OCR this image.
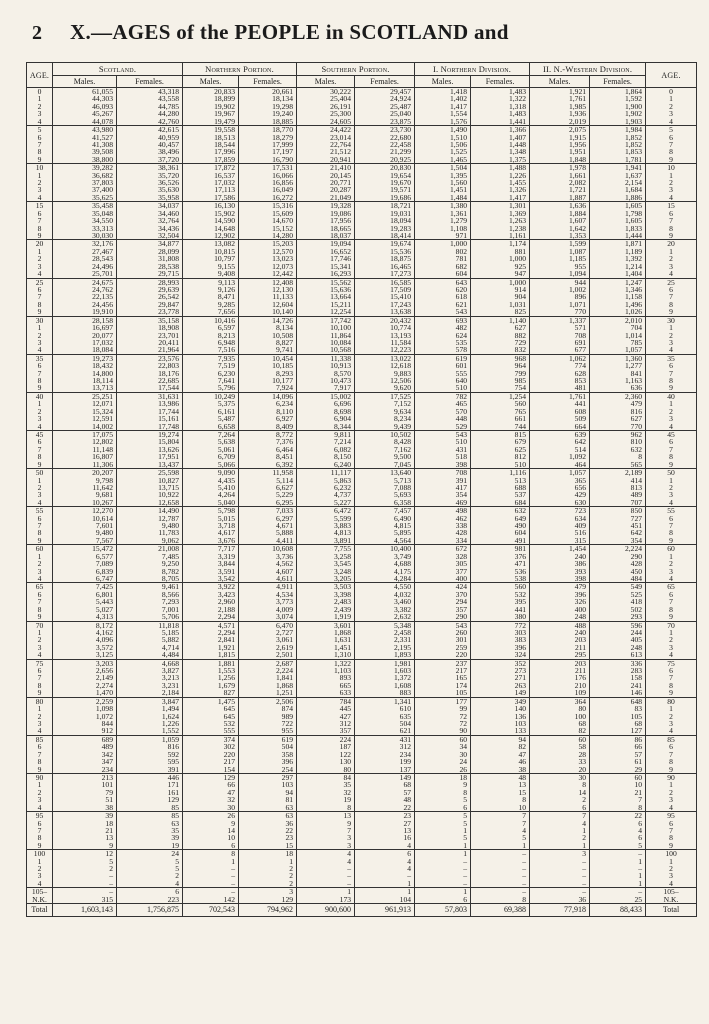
2 X.—AGES of the PEOPLE in SCOTLAND and
AGE.	Scotland.		Northern Portion.		Southern Portion.		I. Northern Division.		II. N.-Western Division.		AGE.
	Males.	Females.	Males.	Females.	Males.	Females.	Males.	Females.	Males.	Females.	
0	61,055	43,318	20,833	20,661	30,222	29,457	1,418	1,483	1,921	1,864	0
1	44,303	43,558	18,899	18,134	25,404	24,924	1,402	1,322	1,761	1,592	1
2	46,093	44,785	19,902	19,298	26,191	25,487	1,417	1,318	1,985	1,900	2
3	45,267	44,280	19,967	19,240	25,300	25,040	1,554	1,483	1,936	1,902	3
4	44,078	42,760	19,479	18,885	24,605	23,875	1,576	1,441	2,019	1,903	4
5	43,980	42,615	19,558	18,770	24,422	23,730	1,490	1,366	2,075	1,984	5
6	41,527	40,959	18,513	18,279	23,014	22,680	1,510	1,407	1,915	1,852	6
7	41,308	40,457	18,544	17,999	22,764	22,458	1,506	1,448	1,956	1,852	7
8	39,508	38,496	17,996	17,197	21,512	21,299	1,525	1,348	1,951	1,853	8
9	38,800	37,720	17,859	16,790	20,941	20,925	1,465	1,375	1,848	1,781	9
10	39,282	38,361	17,872	17,531	21,410	20,830	1,504	1,488	1,978	1,941	10
1	36,682	35,720	16,537	16,066	20,145	19,654	1,395	1,226	1,661	1,637	1
2	37,803	36,526	17,032	16,856	20,771	19,670	1,560	1,455	2,082	2,154	2
3	37,400	35,630	17,113	16,049	20,287	19,571	1,451	1,326	1,721	1,684	3
4	35,625	35,958	17,586	16,272	21,049	19,686	1,484	1,417	1,887	1,886	4
15	35,458	34,037	16,130	15,316	19,328	18,721	1,380	1,301	1,636	1,605	15
6	35,048	34,460	15,902	15,609	19,086	19,031	1,361	1,369	1,884	1,798	6
7	34,550	32,764	14,590	14,670	17,956	18,094	1,279	1,263	1,607	1,605	7
8	33,313	34,436	14,648	15,152	18,665	19,283	1,108	1,238	1,642	1,833	8
9	30,030	32,504	12,902	14,280	18,037	18,414	971	1,161	1,353	1,444	9
20	32,176	34,877	13,082	15,203	19,094	19,674	1,000	1,174	1,599	1,871	20
1	27,467	28,099	10,815	12,570	16,652	15,536	802	881	1,087	1,189	1
2	28,543	31,808	10,797	13,023	17,746	18,875	781	1,000	1,185	1,392	2
3	24,496	28,538	9,155	12,073	15,341	16,465	682	925	955	1,214	3
4	25,701	29,715	9,408	12,442	16,293	17,273	604	947	1,094	1,404	4
25	24,675	28,993	9,113	12,408	15,562	16,585	643	1,000	944	1,247	25
6	24,762	29,639	9,126	12,130	15,636	17,509	620	914	1,002	1,346	6
7	22,135	26,542	8,471	11,133	13,664	15,410	618	904	896	1,158	7
8	24,456	29,847	9,285	12,604	15,211	17,243	621	1,031	1,071	1,496	8
9	19,910	23,778	7,656	10,140	12,254	13,638	543	825	770	1,026	9
30	28,158	35,158	10,416	14,726	17,742	20,432	693	1,140	1,337	2,010	30
1	16,697	18,908	6,597	8,134	10,100	10,774	482	627	571	704	1
2	20,077	23,701	8,213	10,508	11,864	13,193	624	882	708	1,014	2
3	17,032	20,411	6,948	8,827	10,084	11,584	535	729	691	785	3
4	18,084	21,964	7,516	9,741	10,568	12,223	578	832	677	1,057	4
35	19,273	23,576	7,935	10,454	11,338	13,022	619	968	1,062	1,360	35
6	18,432	22,803	7,519	10,185	10,913	12,618	601	964	774	1,277	6
7	14,800	18,176	6,230	8,293	8,570	9,883	555	799	628	841	7
8	18,114	22,685	7,641	10,177	10,473	12,506	640	985	853	1,163	8
9	13,713	17,544	5,796	7,924	7,917	9,620	510	754	481	636	9
40	25,251	31,631	10,249	14,096	15,002	17,525	782	1,254	1,761	2,360	40
1	12,071	13,986	5,375	6,234	6,696	7,152	465	560	441	479	1
2	15,324	17,744	6,161	8,110	8,698	9,634	570	765	608	816	2
3	12,591	15,161	5,487	6,927	6,904	8,234	448	661	509	627	3
4	14,002	17,748	6,658	8,409	8,344	9,439	529	744	664	770	4
45	17,075	19,274	7,264	8,772	9,811	10,502	543	815	639	962	45
6	12,802	15,804	5,638	7,376	7,214	8,428	510	679	642	810	6
7	11,148	13,626	5,061	6,464	6,082	7,162	431	625	514	632	7
8	16,807	17,951	6,709	8,451	8,150	9,500	518	812	1,092	8	8
9	11,306	13,437	5,066	6,392	6,240	7,045	398	510	464	565	9
50	20,207	25,598	9,090	11,958	11,117	13,640	708	1,116	1,057	2,189	50
1	9,798	10,827	4,435	5,114	5,863	5,713	391	513	365	414	1
2	11,642	13,715	5,410	6,627	6,232	7,088	417	688	656	813	2
3	9,681	10,922	4,264	5,229	4,737	5,693	354	537	429	489	3
4	10,267	12,658	5,040	6,295	5,227	6,358	469	684	630	707	4
55	12,270	14,490	5,798	7,033	6,472	7,457	498	632	723	850	55
6	10,614	12,787	5,015	6,297	5,599	6,490	462	649	634	727	6
7	7,601	9,480	3,718	4,671	3,883	4,815	338	490	409	451	7
8	9,480	11,783	4,617	5,888	4,813	5,895	428	604	516	642	8
9	7,567	9,062	3,676	4,411	3,891	4,564	334	491	315	354	9
60	15,472	21,008	7,717	10,608	7,755	10,400	672	981	1,454	2,224	60
1	6,577	7,485	3,319	3,736	3,258	3,749	328	376	240	290	1
2	7,089	9,250	3,844	4,562	3,545	4,688	305	471	386	428	2
3	6,839	8,782	3,591	4,607	3,248	4,175	377	536	393	450	3
4	6,747	8,705	3,542	4,611	3,205	4,284	400	538	398	484	4
65	7,425	9,461	3,922	4,911	3,503	4,550	424	560	479	549	65
6	6,801	8,566	3,423	4,534	3,398	4,032	370	532	396	525	6
7	5,443	7,293	2,960	3,773	2,483	3,460	294	395	326	418	7
8	5,027	7,001	2,188	4,009	2,439	3,382	357	441	400	502	8
9	4,313	5,706	2,294	3,074	1,919	2,632	290	380	248	293	9
70	8,172	11,818	4,571	6,470	3,601	5,348	543	772	488	596	70
1	4,162	5,185	2,294	2,727	1,868	2,458	260	303	240	244	1
2	4,096	5,882	2,841	3,061	1,631	2,331	301	383	203	405	2
3	3,572	4,714	1,921	2,619	1,451	2,195	259	396	211	248	3
4	3,125	4,484	1,815	2,501	1,310	1,893	220	324	295	613	4
75	3,203	4,668	1,881	2,687	1,322	1,981	237	352	203	336	75
6	2,656	3,827	1,553	2,224	1,103	1,603	217	273	211	283	6
7	2,149	3,213	1,256	1,841	893	1,372	165	271	176	158	7
8	2,274	3,231	1,679	1,868	665	1,608	174	263	210	241	8
9	1,470	2,184	827	1,251	633	883	105	149	109	146	9
80	2,259	3,847	1,475	2,506	784	1,341	177	349	364	648	80
1	1,098	1,494	645	874	445	610	99	140	80	83	1
2	1,072	1,624	645	989	427	635	72	136	100	105	2
3	844	1,226	532	722	312	504	72	103	68	68	3
4	912	1,552	555	955	357	621	90	133	82	127	4
85	689	1,059	374	619	224	431	60	94	60	86	85
6	489	816	302	504	187	312	34	82	58	66	6
7	342	592	220	358	122	234	30	47	28	57	7
8	347	595	217	396	130	199	24	46	33	61	8
9	234	391	154	254	80	137	26	38	20	29	9
90	213	446	129	297	84	149	18	48	30	60	90
1	101	171	66	103	35	68	9	13	8	10	1
2	79	161	47	94	32	57	8	15	14	21	2
3	51	129	32	81	19	48	5	8	2	7	3
4	38	85	30	63	8	22	6	10	6	8	4
95	39	85	26	63	13	23	5	7	7	22	95
6	18	63	9	36	9	27	5	7	4	6	6
7	21	35	14	22	7	13	1	4	1	4	7
8	13	39	10	23	3	16	5	5	2	6	8
9	9	19	6	15	3	4	1	1	1	5	9
100	12	24	8	18	4	6	1	–	3	–	100
1	5	5	1	1	4	4	–	–	–	1	1
2	2	5	–	2	–	4	–	–	–	–	2
3	–	2	–	2	–	–	–	–	–	1	3
4	–	4	–	2	–	1	–	–	–	1	4
105–	–	6	–	3	1	1	1	–	–	–	105–
N.K.	315	223	142	129	173	104	6	8	36	25	N.K.
Total	1,603,143	1,756,875	702,543	794,962	900,600	961,913	57,803	69,388	77,918	88,433	Total
